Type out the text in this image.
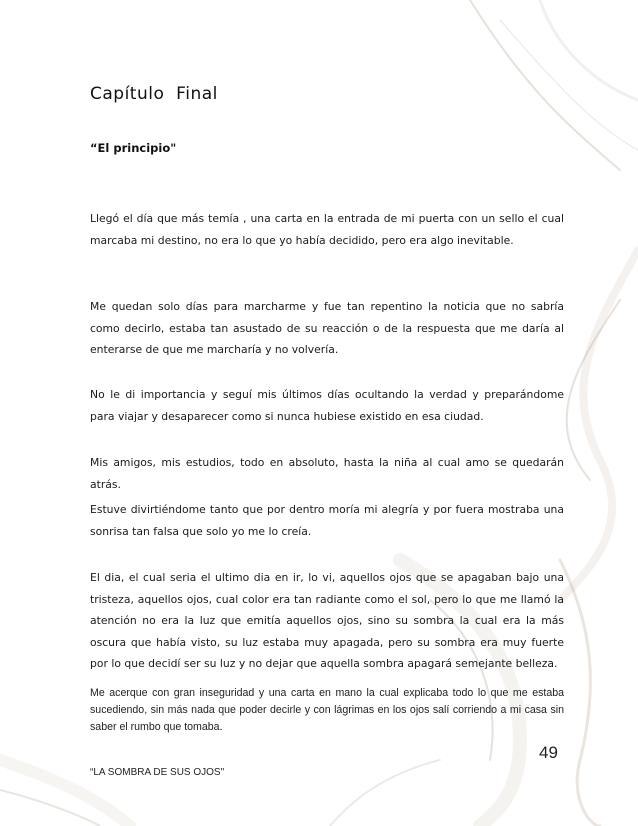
Capítulo  Final
“El principio"

Llegó el día que más temía , una carta en la entrada de mi puerta con un sello el cual marcaba mi destino, no era lo que yo había decidido, pero era algo inevitable.

Me quedan solo días para marcharme y fue tan repentino la noticia que no sabría como decirlo, estaba tan asustado de su reacción o de la respuesta que me daría al enterarse de que me marcharía y no volvería.

No le di importancia y seguí mis últimos días ocultando la verdad y preparándome para viajar y desaparecer como si nunca hubiese existido en esa ciudad.

Mis amigos, mis estudios, todo en absoluto, hasta la niña al cual amo se quedarán atrás.

Estuve divirtiéndome tanto que por dentro moría mi alegría y por fuera mostraba una sonrisa tan falsa que solo yo me lo creía.

El dia, el cual seria el ultimo dia en ir, lo vi, aquellos ojos que se apagaban bajo una tristeza, aquellos ojos, cual color era tan radiante como el sol, pero lo que me llamó la atención no era la luz que emitía aquellos ojos, sino su sombra la cual era la más oscura que había visto, su luz estaba muy apagada, pero su sombra era muy fuerte por lo que decidí ser su luz y no dejar que aquella sombra apagará semejante belleza.

Me acerque con gran inseguridad y una carta en mano la cual explicaba todo lo que me estaba sucediendo, sin más nada que poder decirle y con lágrimas en los ojos salí corriendo a mi casa sin saber el rumbo que tomaba.

49
“LA SOMBRA DE SUS OJOS"
